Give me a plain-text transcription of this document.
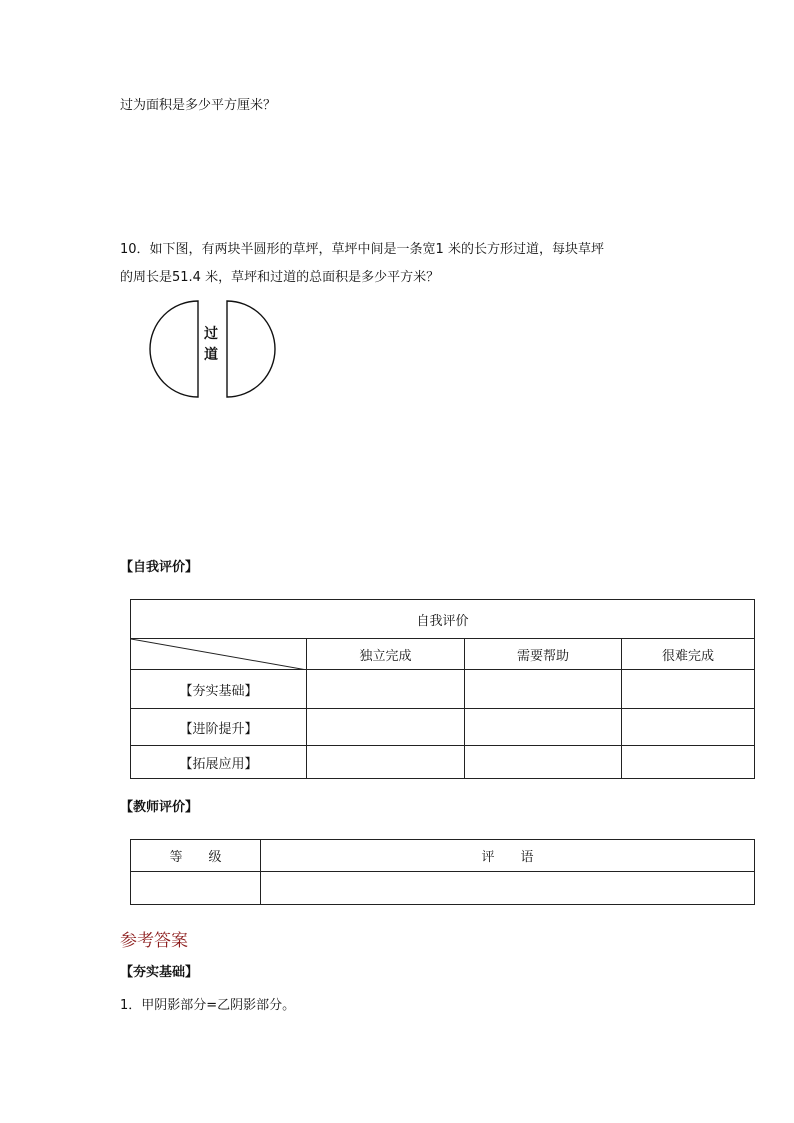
过为面积是多少平方厘米？
10．如下图，有两块半圆形的草坪，草坪中间是一条宽1 米的长方形过道，每块草坪
的周长是51.4 米，草坪和过道的总面积是多少平方米？
过
道
【自我评价】
自我评价			

	独立完成	需要帮助	很难完成
【夯实基础】			
【进阶提升】			
【拓展应用】			
【教师评价】
等　　级	评　　语

参考答案
【夯实基础】
1．甲阴影部分=乙阴影部分。
